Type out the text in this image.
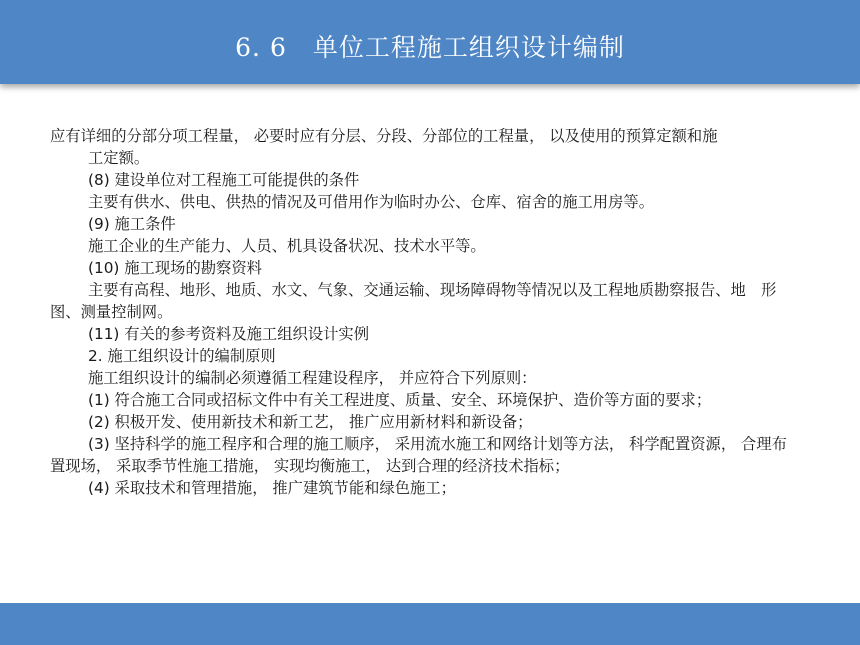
6. 6　单位工程施工组织设计编制

应有详细的分部分项工程量， 必要时应有分层、分段、分部位的工程量， 以及使用的预算定额和施

工定额。

(8) 建设单位对工程施工可能提供的条件

主要有供水、供电、供热的情况及可借用作为临时办公、仓库、宿舍的施工用房等。

(9) 施工条件

施工企业的生产能力、人员、机具设备状况、技术水平等。

(10) 施工现场的勘察资料

主要有高程、地形、地质、水文、气象、交通运输、现场障碍物等情况以及工程地质勘察报告、地　形图、测量控制网。

(11) 有关的参考资料及施工组织设计实例

2. 施工组织设计的编制原则

施工组织设计的编制必须遵循工程建设程序， 并应符合下列原则：

(1) 符合施工合同或招标文件中有关工程进度、质量、安全、环境保护、造价等方面的要求；

(2) 积极开发、使用新技术和新工艺， 推广应用新材料和新设备；

(3) 坚持科学的施工程序和合理的施工顺序， 采用流水施工和网络计划等方法， 科学配置资源， 合理布置现场， 采取季节性施工措施， 实现均衡施工， 达到合理的经济技术指标；

(4) 采取技术和管理措施， 推广建筑节能和绿色施工；
